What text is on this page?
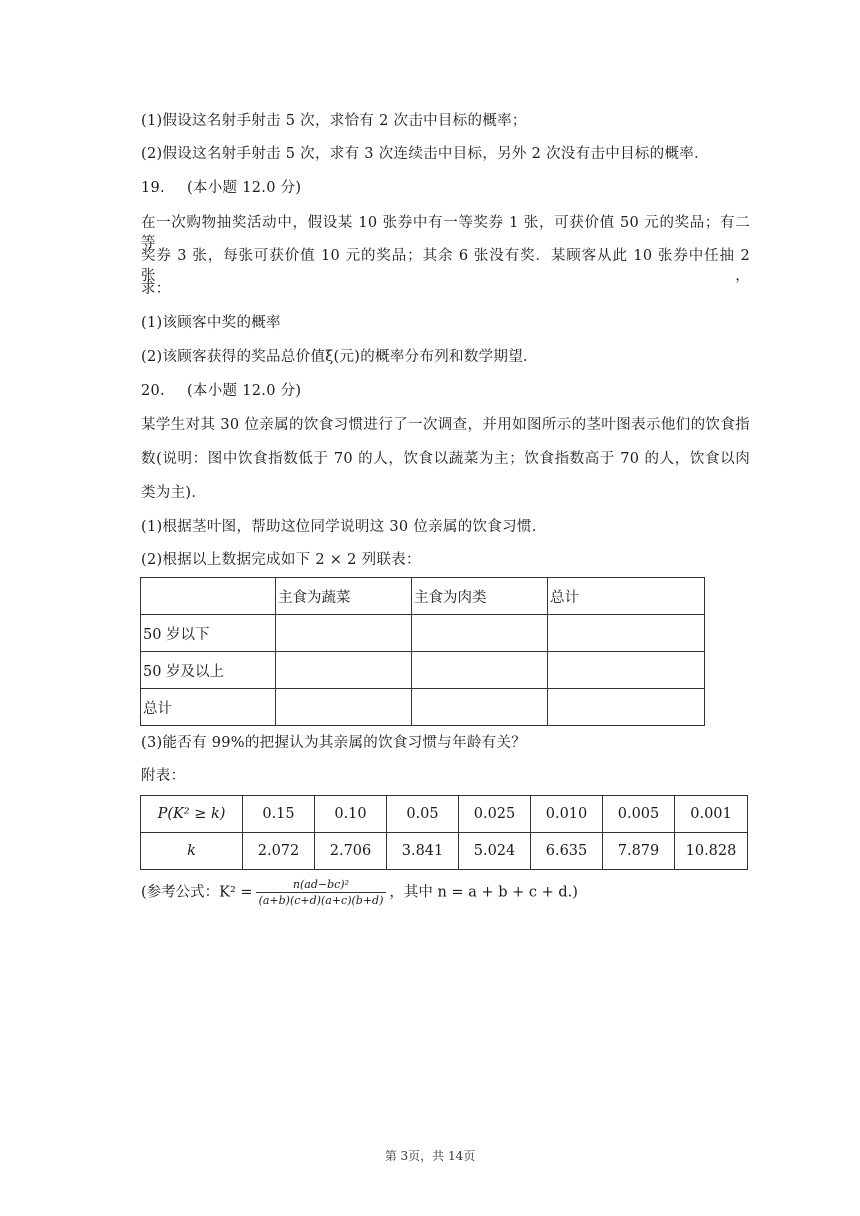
(1)假设这名射手射击 5 次，求恰有 2 次击中目标的概率；
(2)假设这名射手射击 5 次，求有 3 次连续击中目标，另外 2 次没有击中目标的概率．
19. (本小题 12.0 分)
在一次购物抽奖活动中，假设某 10 张券中有一等奖券 1 张，可获价值 50 元的奖品；有二等
奖券 3 张，每张可获价值 10 元的奖品；其余 6 张没有奖．某顾客从此 10 张券中任抽 2 张，
求：
(1)该顾客中奖的概率
(2)该顾客获得的奖品总价值ξ(元)的概率分布列和数学期望．
20. (本小题 12.0 分)
某学生对其 30 位亲属的饮食习惯进行了一次调查，并用如图所示的茎叶图表示他们的饮食指
数(说明：图中饮食指数低于 70 的人，饮食以蔬菜为主；饮食指数高于 70 的人，饮食以肉
类为主)．
(1)根据茎叶图，帮助这位同学说明这 30 位亲属的饮食习惯．
(2)根据以上数据完成如下 2 × 2 列联表：
	主食为蔬菜	主食为肉类	总计
50 岁以下			
50 岁及以上			
总计			
(3)能否有 99%的把握认为其亲属的饮食习惯与年龄有关？
附表：
P(K² ≥ k)	0.15	0.10	0.05	0.025	0.010	0.005	0.001
k	2.072	2.706	3.841	5.024	6.635	7.879	10.828
(参考公式：$K^2 = \frac{\text{n(ad−bc)²}}{(a+b)(c+d)(a+c)(b+d)}$ ，其中 n = a + b + c + d.)
第 3页，共 14页
